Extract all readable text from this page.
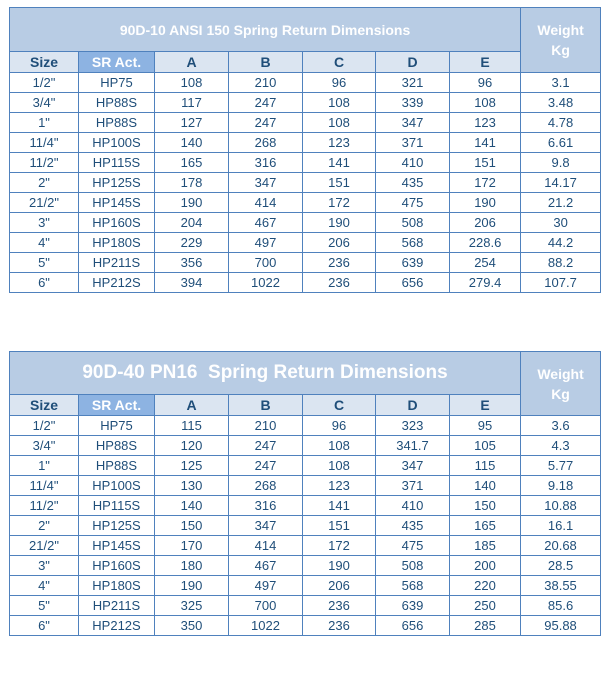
90D-10 ANSI 150 Spring Return Dimensions							Weight
Kg
Size	SR Act.	A	B	C	D	E	
1/2"	HP75	108	210	96	321	96	3.1
3/4"	HP88S	117	247	108	339	108	3.48
1"	HP88S	127	247	108	347	123	4.78
11/4"	HP100S	140	268	123	371	141	6.61
11/2"	HP115S	165	316	141	410	151	9.8
2"	HP125S	178	347	151	435	172	14.17
21/2"	HP145S	190	414	172	475	190	21.2
3"	HP160S	204	467	190	508	206	30
4"	HP180S	229	497	206	568	228.6	44.2
5"	HP211S	356	700	236	639	254	88.2
6"	HP212S	394	1022	236	656	279.4	107.7
90D-40 PN16  Spring Return Dimensions							Weight
Kg
Size	SR Act.	A	B	C	D	E	
1/2"	HP75	115	210	96	323	95	3.6
3/4"	HP88S	120	247	108	341.7	105	4.3
1"	HP88S	125	247	108	347	115	5.77
11/4"	HP100S	130	268	123	371	140	9.18
11/2"	HP115S	140	316	141	410	150	10.88
2"	HP125S	150	347	151	435	165	16.1
21/2"	HP145S	170	414	172	475	185	20.68
3"	HP160S	180	467	190	508	200	28.5
4"	HP180S	190	497	206	568	220	38.55
5"	HP211S	325	700	236	639	250	85.6
6"	HP212S	350	1022	236	656	285	95.88
